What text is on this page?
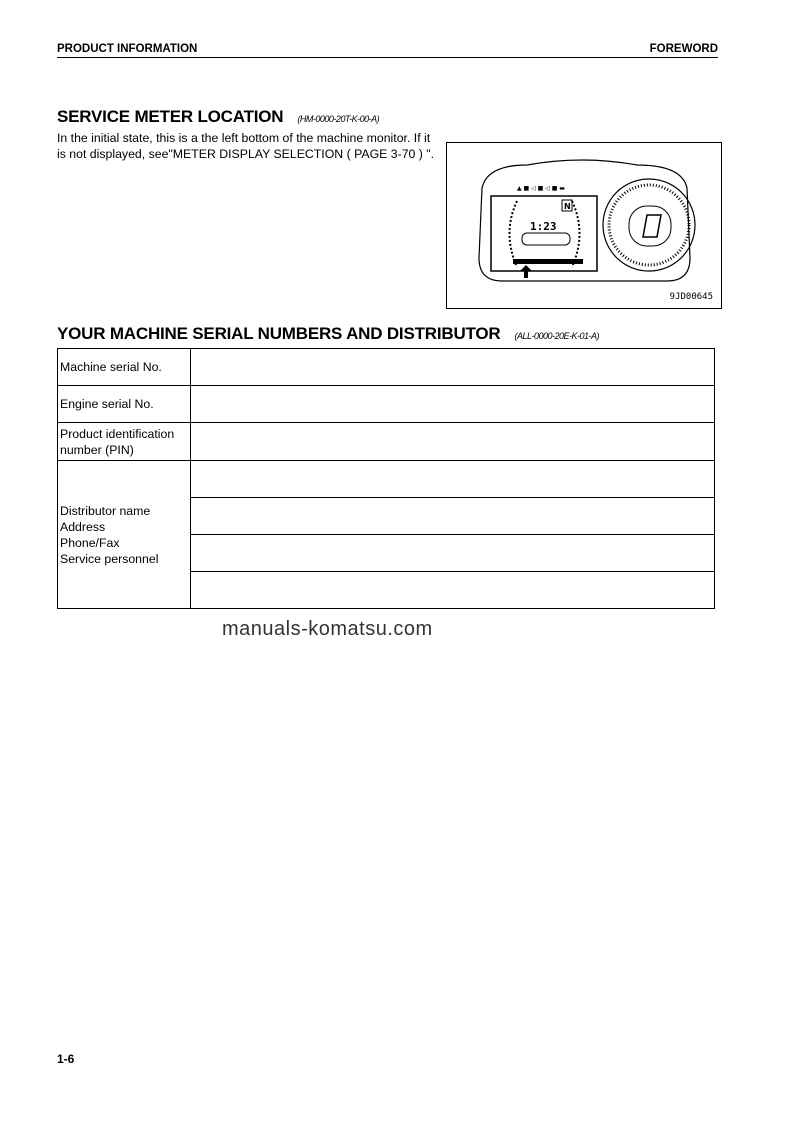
PRODUCT INFORMATION	FOREWORD
SERVICE METER LOCATION (HM-0000-20T-K-00-A)
In the initial state, this is a the left bottom of the machine monitor. If it is not displayed, see"METER DISPLAY SELECTION ( PAGE 3-70 ) ".
▲ ■ ◁ ■ ◁ ■ ▬
1:23
N
9JD00645
YOUR MACHINE SERIAL NUMBERS AND DISTRIBUTOR (ALL-0000-20E-K-01-A)
Machine serial No.	
Engine serial No.	
Product identification number (PIN)	

Distributor name
Address
Phone/Fax
Service personnel	

manuals-komatsu.com
1-6
